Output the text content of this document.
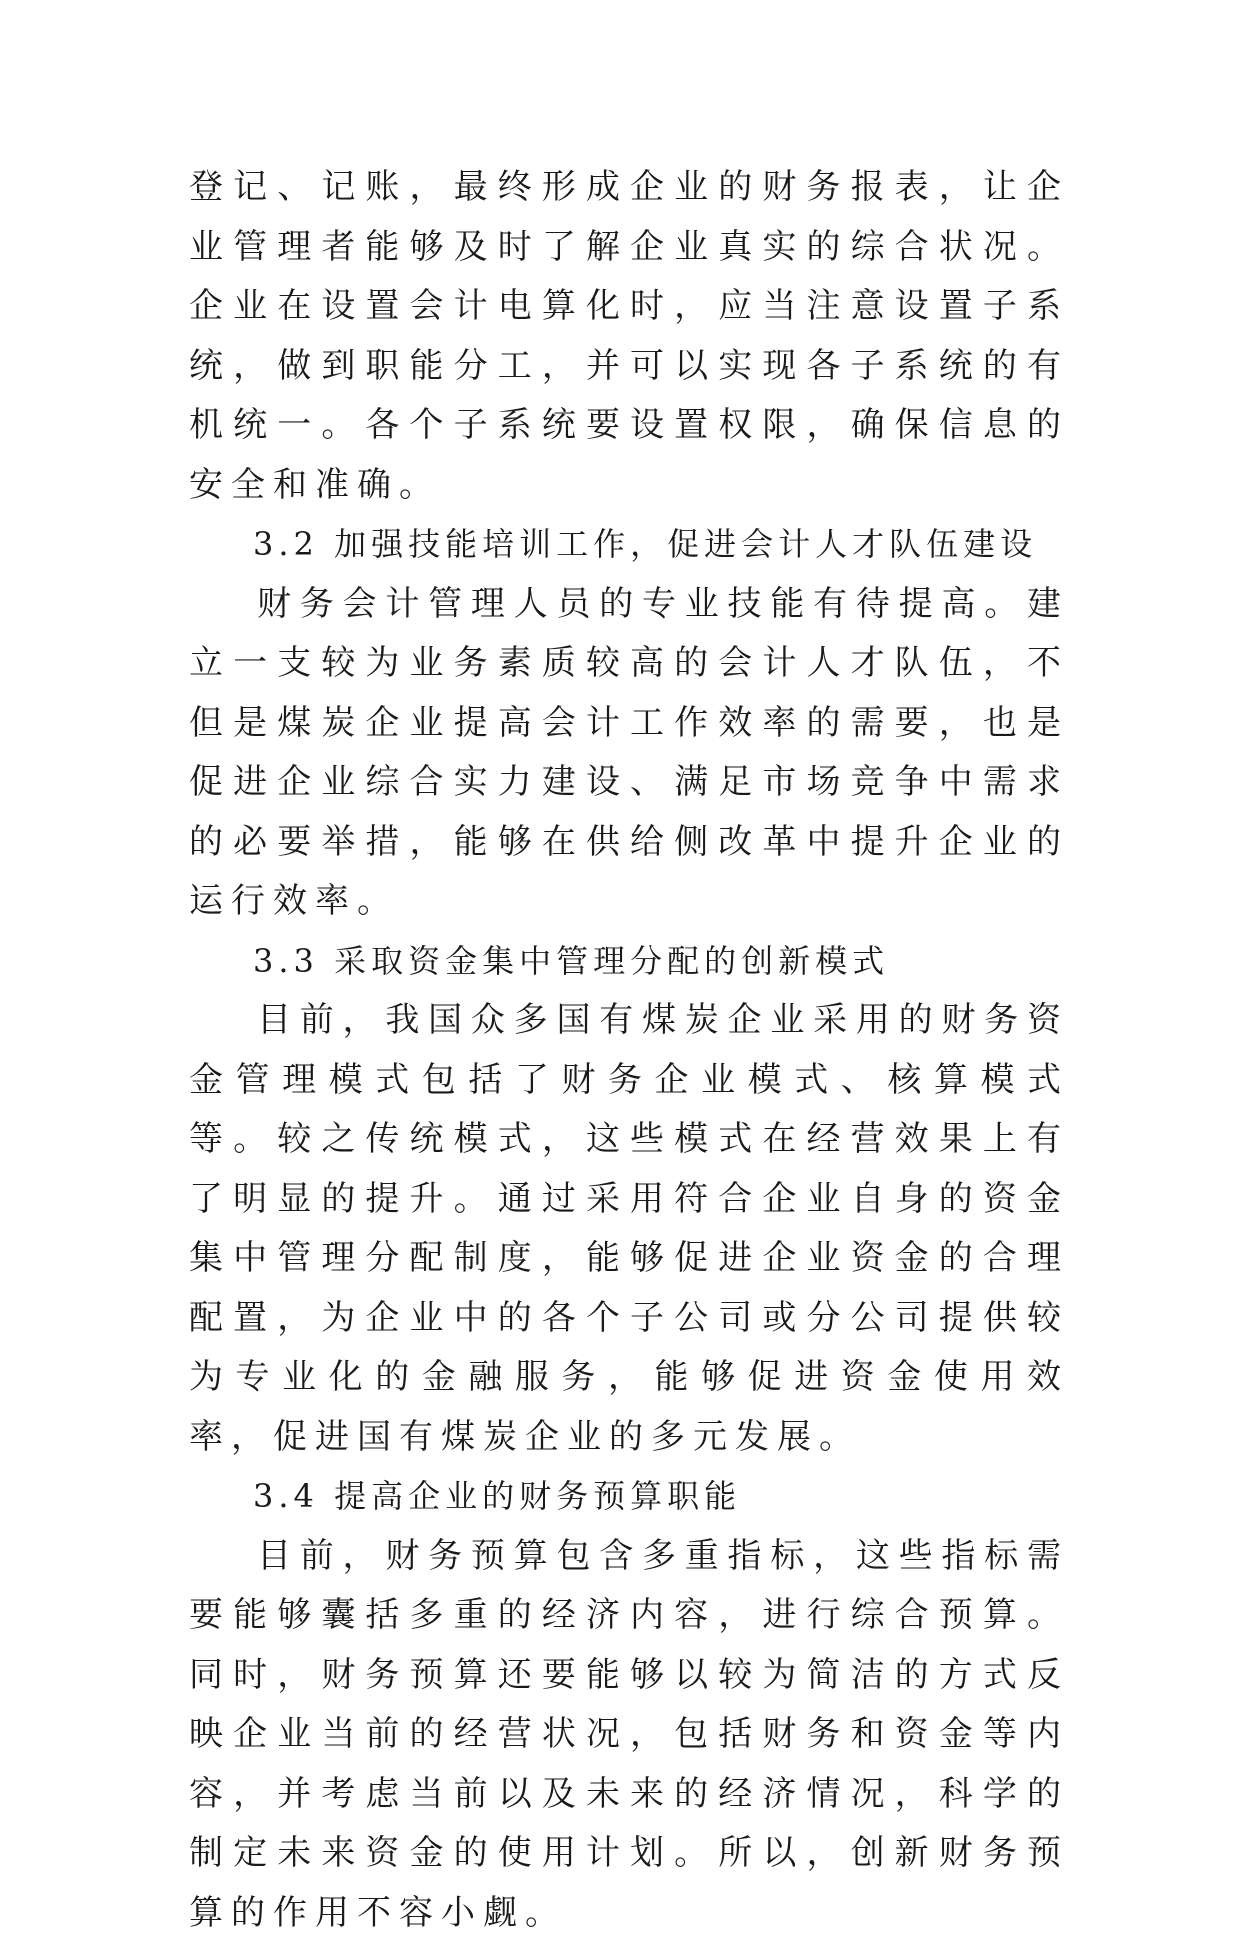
登记、记账，最终形成企业的财务报表，让企业管理者能够及时了解企业真实的综合状况。企业在设置会计电算化时，应当注意设置子系统，做到职能分工，并可以实现各子系统的有机统一。各个子系统要设置权限，确保信息的安全和准确。

3.2 加强技能培训工作，促进会计人才队伍建设

财务会计管理人员的专业技能有待提高。建立一支较为业务素质较高的会计人才队伍，不但是煤炭企业提高会计工作效率的需要，也是促进企业综合实力建设、满足市场竞争中需求的必要举措，能够在供给侧改革中提升企业的运行效率。

3.3 采取资金集中管理分配的创新模式

目前，我国众多国有煤炭企业采用的财务资金管理模式包括了财务企业模式、核算模式等。较之传统模式，这些模式在经营效果上有了明显的提升。通过采用符合企业自身的资金集中管理分配制度，能够促进企业资金的合理配置，为企业中的各个子公司或分公司提供较为专业化的金融服务，能够促进资金使用效率，促进国有煤炭企业的多元发展。

3.4 提高企业的财务预算职能

目前，财务预算包含多重指标，这些指标需要能够囊括多重的经济内容，进行综合预算。同时，财务预算还要能够以较为简洁的方式反映企业当前的经营状况，包括财务和资金等内容，并考虑当前以及未来的经济情况，科学的制定未来资金的使用计划。所以，创新财务预算的作用不容小觑。
